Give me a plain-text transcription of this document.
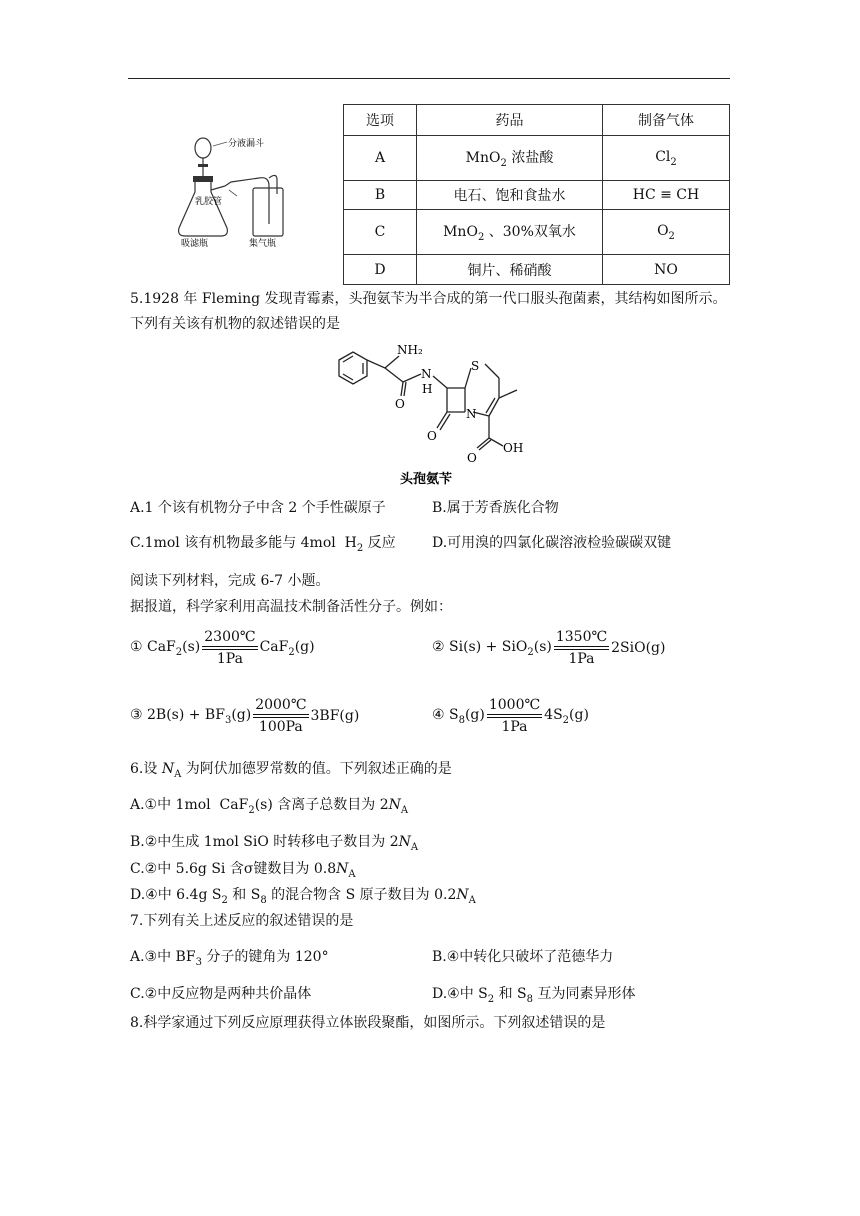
分液漏斗
乳胶管
吸滤瓶	集气瓶
选项	药品	制备气体
A	MnO$_2$ 浓盐酸	$Cl_2$
B	电石、饱和食盐水	HC ≡ CH
C	MnO$_2$ 、30%双氧水	$O_2$
D	铜片、稀硝酸	NO
5.1928 年 Fleming 发现青霉素，头孢氨苄为半合成的第一代口服头孢菌素，其结构如图所示。
下列有关该有机物的叙述错误的是
NH₂
N
H
N
S
O
O
OH
O
头孢氨苄
A.1 个该有机物分子中含 2 个手性碳原子	B.属于芳香族化合物
C.1mol 该有机物最多能与 4mol  $H_2$ 反应	D.可用溴的四氯化碳溶液检验碳碳双键
阅读下列材料，完成 6-7 小题。
据报道，科学家利用高温技术制备活性分子。例如：
① $CaF_2(s) \frac{2300℃}{1Pa} CaF_2(g)$	② $Si(s) + SiO_2(s) \frac{1350℃}{1Pa} 2SiO(g)$
③ $2B(s) + BF_3(g) \frac{2000℃}{100Pa} 3BF(g)$	④ $S_8(g) \frac{1000℃}{1Pa} 4S_2(g)$
6.设 $N_A$ 为阿伏加德罗常数的值。下列叙述正确的是
A.①中 1mol  CaF$_2$(s) 含离子总数目为 $2N_A$
B.②中生成 1mol SiO 时转移电子数目为 $2N_A$
C.②中 5.6g Si 含σ键数目为 $0.8N_A$
D.④中 6.4g $S_2$ 和 $S_8$ 的混合物含 S 原子数目为 $0.2N_A$
7.下列有关上述反应的叙述错误的是
A.③中 $BF_3$ 分子的键角为 120°	B.④中转化只破坏了范德华力
C.②中反应物是两种共价晶体	D.④中 $S_2$ 和 $S_8$ 互为同素异形体
8.科学家通过下列反应原理获得立体嵌段聚酯，如图所示。下列叙述错误的是
